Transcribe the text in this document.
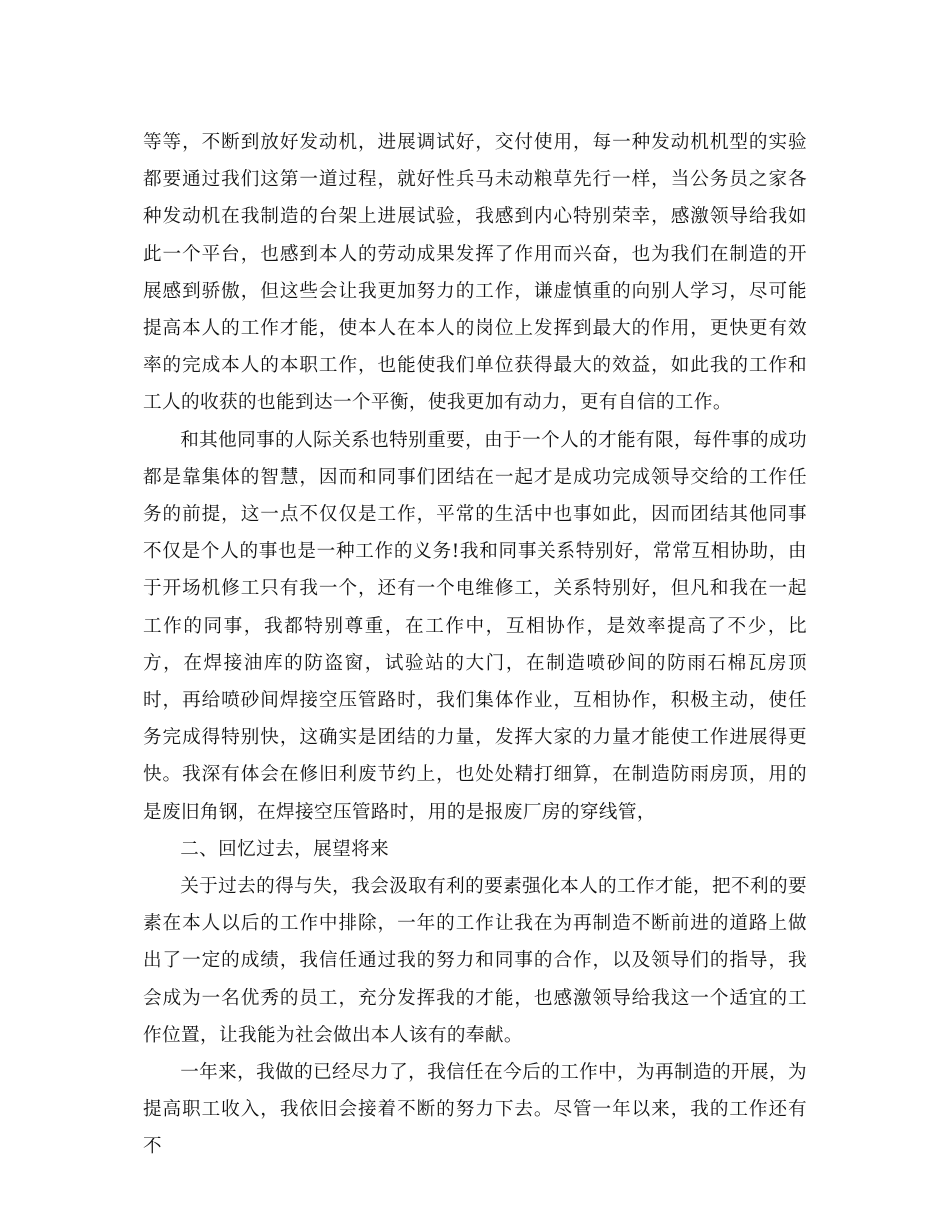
等等，不断到放好发动机，进展调试好，交付使用，每一种发动机机型的实验都要通过我们这第一道过程，就好性兵马未动粮草先行一样，当公务员之家各种发动机在我制造的台架上进展试验，我感到内心特别荣幸，感激领导给我如此一个平台，也感到本人的劳动成果发挥了作用而兴奋，也为我们在制造的开展感到骄傲，但这些会让我更加努力的工作，谦虚慎重的向别人学习，尽可能提高本人的工作才能，使本人在本人的岗位上发挥到最大的作用，更快更有效率的完成本人的本职工作，也能使我们单位获得最大的效益，如此我的工作和工人的收获的也能到达一个平衡，使我更加有动力，更有自信的工作。

和其他同事的人际关系也特别重要，由于一个人的才能有限，每件事的成功都是靠集体的智慧，因而和同事们团结在一起才是成功完成领导交给的工作任务的前提，这一点不仅仅是工作，平常的生活中也事如此，因而团结其他同事不仅是个人的事也是一种工作的义务!我和同事关系特别好，常常互相协助，由于开场机修工只有我一个，还有一个电维修工，关系特别好，但凡和我在一起工作的同事，我都特别尊重，在工作中，互相协作，是效率提高了不少，比方，在焊接油库的防盗窗，试验站的大门，在制造喷砂间的防雨石棉瓦房顶时，再给喷砂间焊接空压管路时，我们集体作业，互相协作，积极主动，使任务完成得特别快，这确实是团结的力量，发挥大家的力量才能使工作进展得更快。我深有体会在修旧利废节约上，也处处精打细算，在制造防雨房顶，用的是废旧角钢，在焊接空压管路时，用的是报废厂房的穿线管，

二、回忆过去，展望将来

关于过去的得与失，我会汲取有利的要素强化本人的工作才能，把不利的要素在本人以后的工作中排除，一年的工作让我在为再制造不断前进的道路上做出了一定的成绩，我信任通过我的努力和同事的合作，以及领导们的指导，我会成为一名优秀的员工，充分发挥我的才能，也感激领导给我这一个适宜的工作位置，让我能为社会做出本人该有的奉献。

一年来，我做的已经尽力了，我信任在今后的工作中，为再制造的开展，为提高职工收入，我依旧会接着不断的努力下去。尽管一年以来，我的工作还有不
